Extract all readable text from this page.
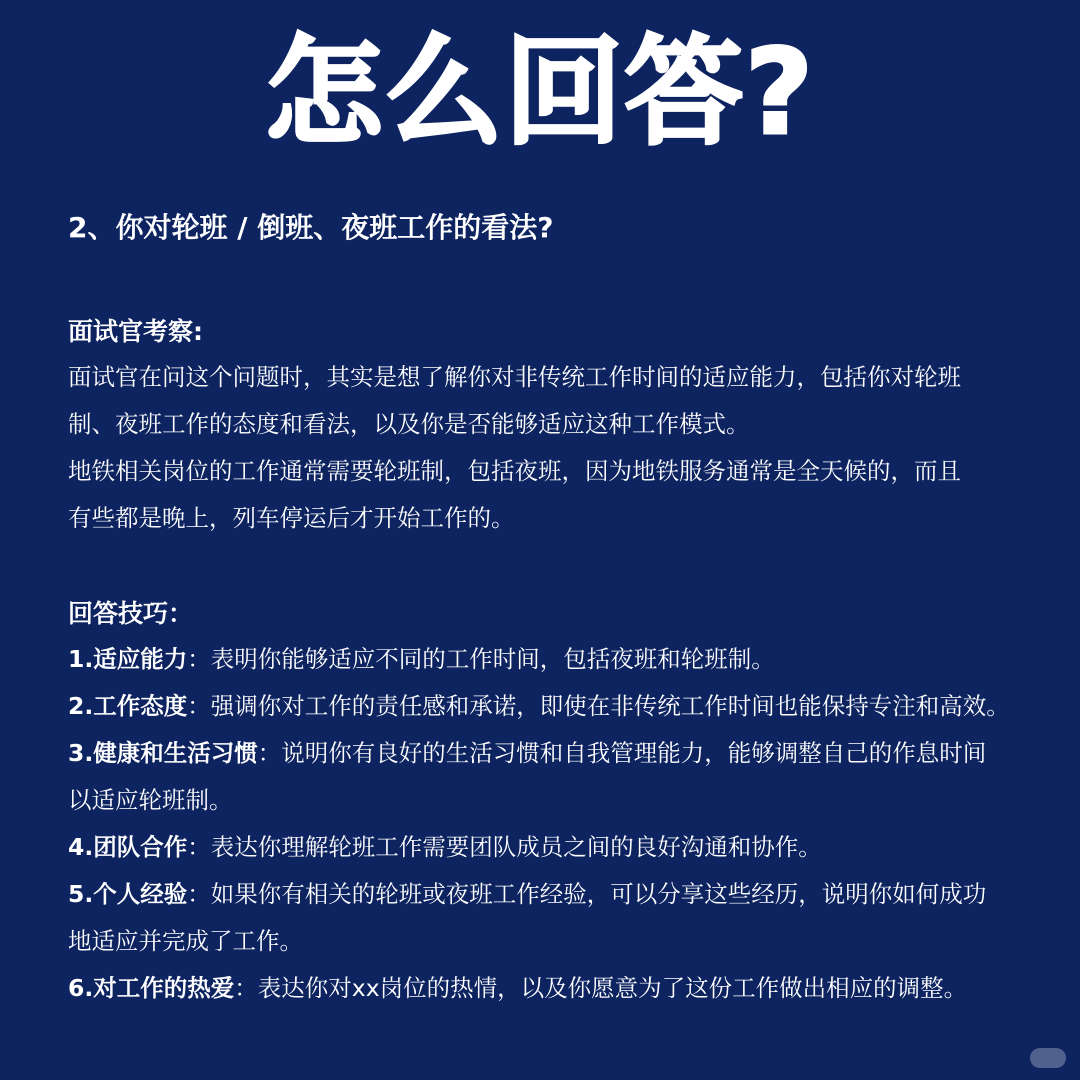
怎么回答?
2、你对轮班 / 倒班、夜班工作的看法?
面试官考察:

面试官在问这个问题时，其实是想了解你对非传统工作时间的适应能力，包括你对轮班

制、夜班工作的态度和看法，以及你是否能够适应这种工作模式。

地铁相关岗位的工作通常需要轮班制，包括夜班，因为地铁服务通常是全天候的，而且

有些都是晚上，列车停运后才开始工作的。

回答技巧：

1.适应能力：表明你能够适应不同的工作时间，包括夜班和轮班制。

2.工作态度：强调你对工作的责任感和承诺，即使在非传统工作时间也能保持专注和高效。

3.健康和生活习惯：说明你有良好的生活习惯和自我管理能力，能够调整自己的作息时间

以适应轮班制。

4.团队合作：表达你理解轮班工作需要团队成员之间的良好沟通和协作。

5.个人经验：如果你有相关的轮班或夜班工作经验，可以分享这些经历，说明你如何成功

地适应并完成了工作。

6.对工作的热爱：表达你对xx岗位的热情，以及你愿意为了这份工作做出相应的调整。
